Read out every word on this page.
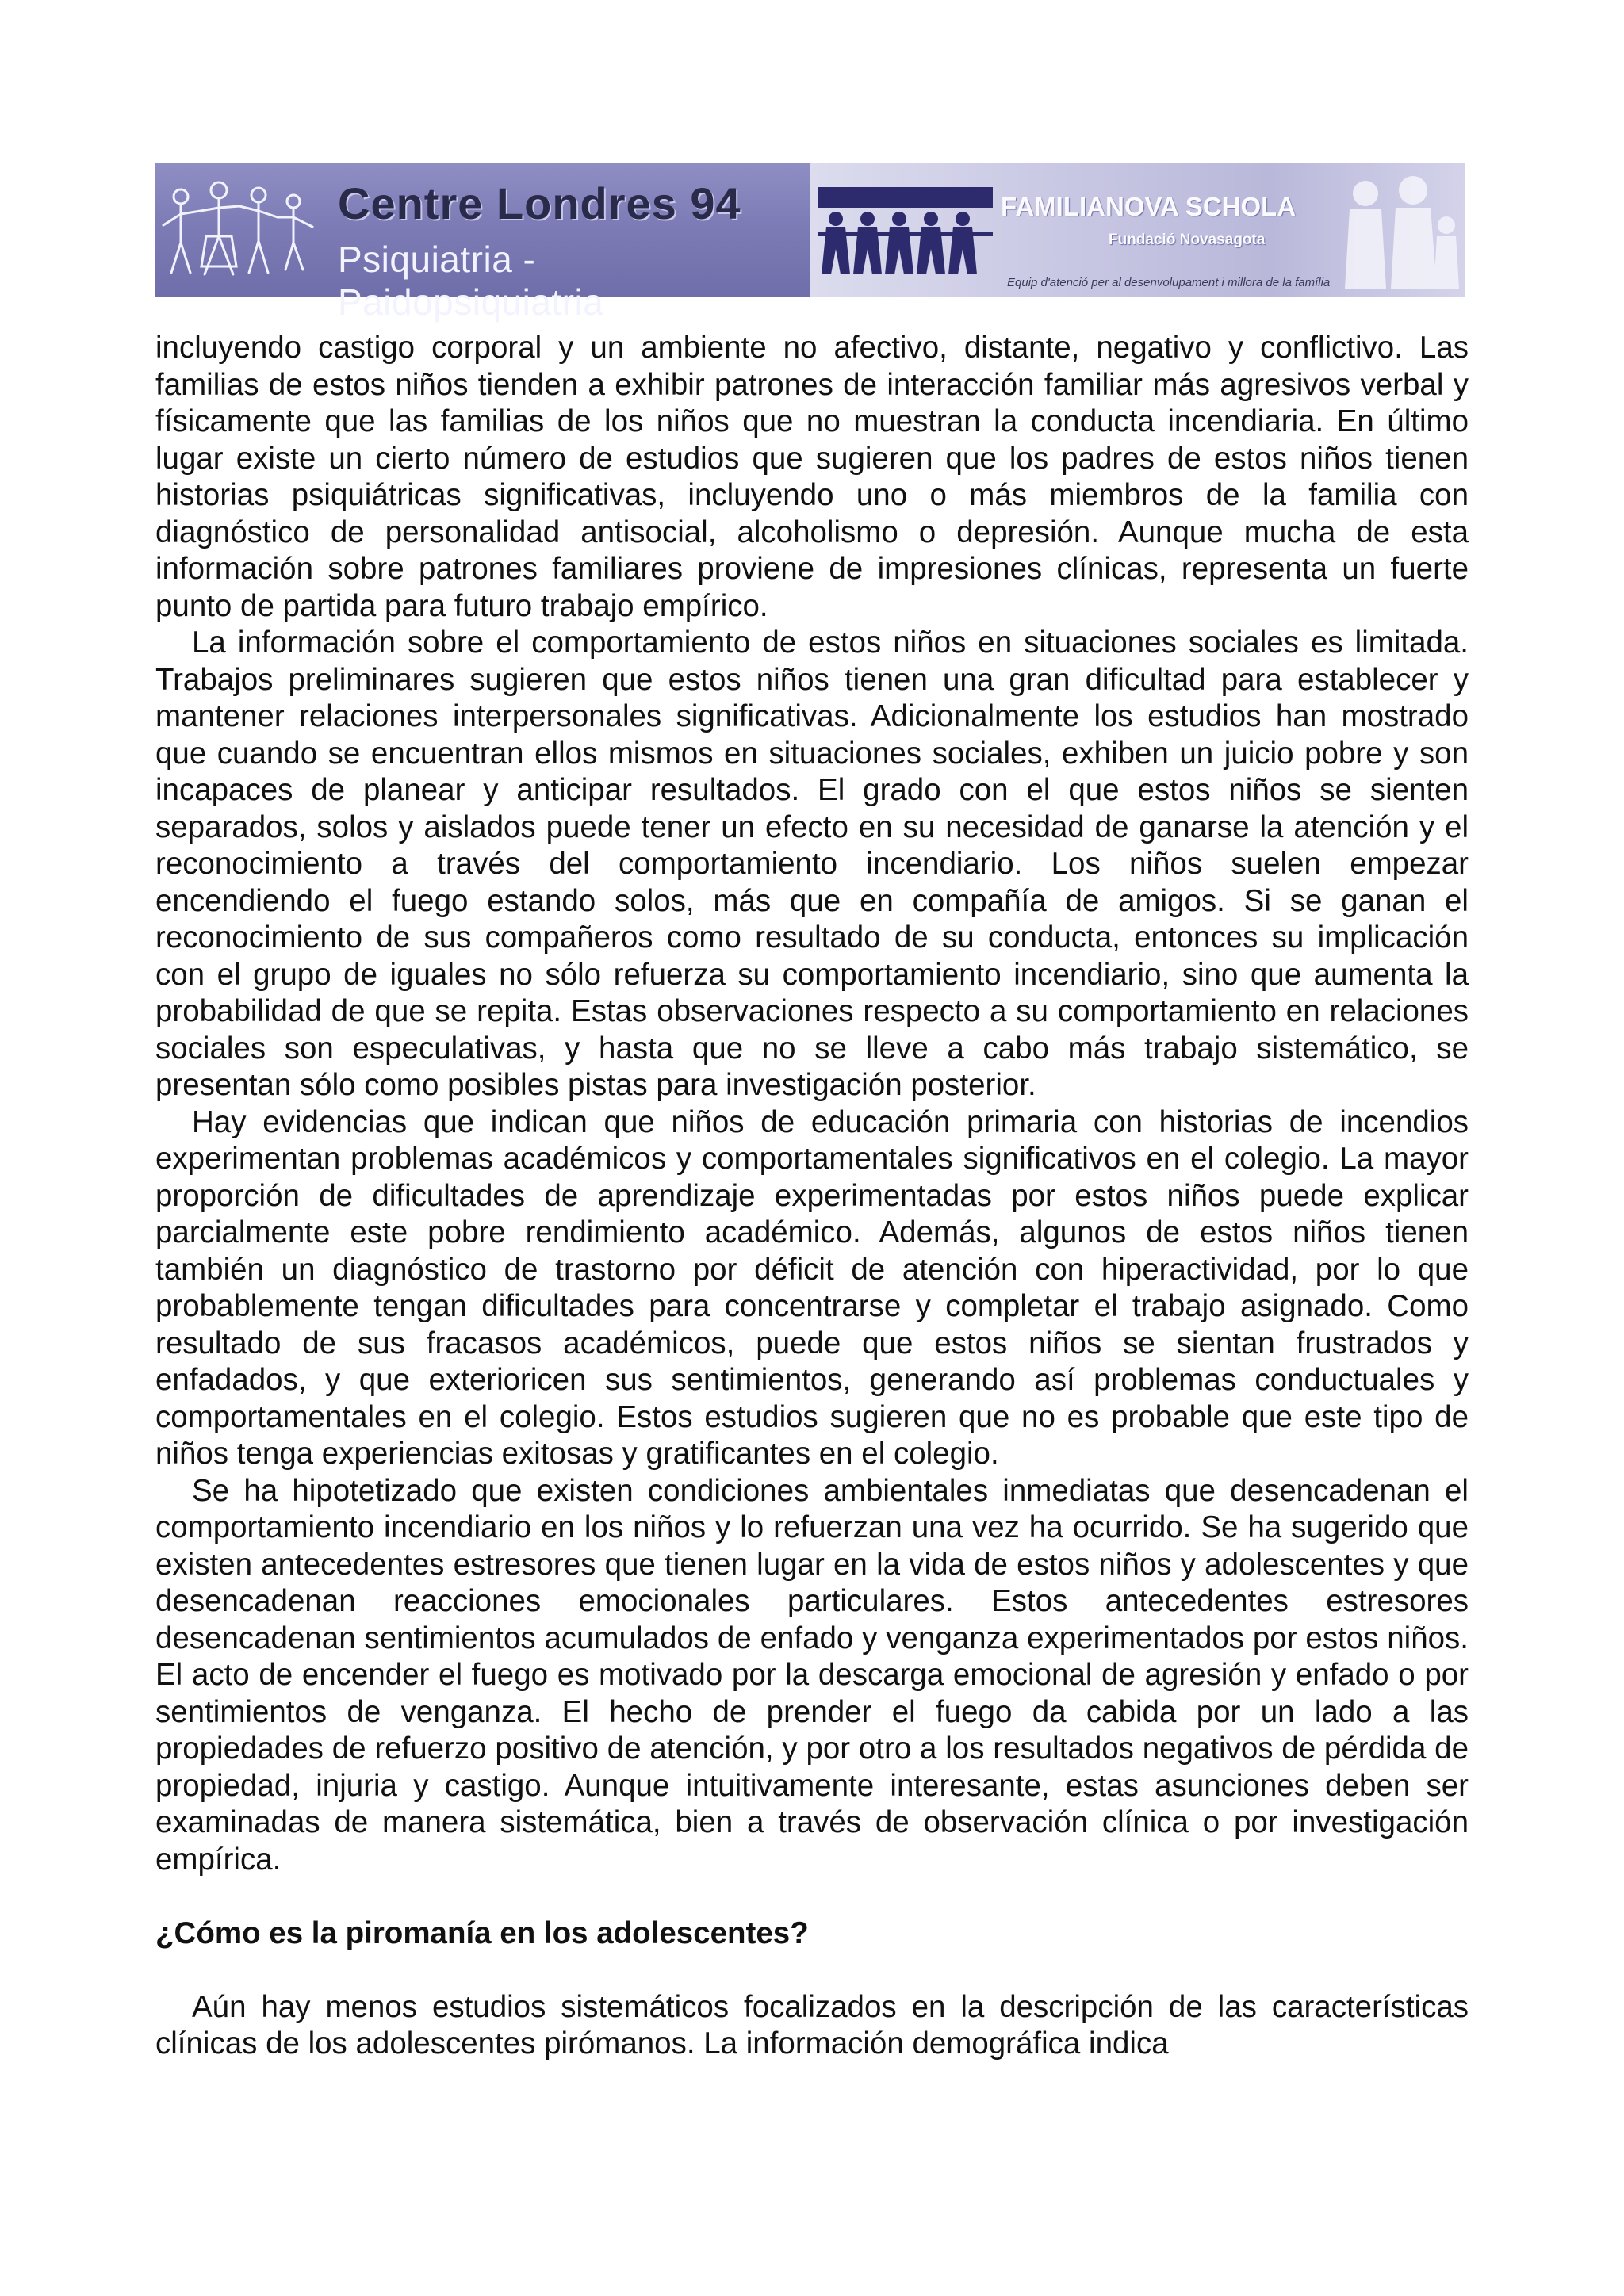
Centre Londres 94
Psiquiatria - Paidopsiquiatria
FAMILIANOVA SCHOLA
Fundació Novasagota
Equip d'atenció per al desenvolupament i millora de la família

incluyendo castigo corporal y un ambiente no afectivo, distante, negativo y conflictivo. Las familias de estos niños tienden a exhibir patrones de interacción familiar más agresivos verbal y físicamente que las familias de los niños que no muestran la conducta incendiaria. En último lugar existe un cierto número de estudios que sugieren que los padres de estos niños tienen historias psiquiátricas significativas, incluyendo uno o más miembros de la familia con diagnóstico de personalidad antisocial, alcoholismo o depresión. Aunque mucha de esta información sobre patrones familiares proviene de impresiones clínicas, representa un fuerte punto de partida para futuro trabajo empírico.

La información sobre el comportamiento de estos niños en situaciones sociales es limitada. Trabajos preliminares sugieren que estos niños tienen una gran dificultad para establecer y mantener relaciones interpersonales significativas. Adicionalmente los estudios han mostrado que cuando se encuentran ellos mismos en situaciones sociales, exhiben un juicio pobre y son incapaces de planear y anticipar resultados. El grado con el que estos niños se sienten separados, solos y aislados puede tener un efecto en su necesidad de ganarse la atención y el reconocimiento a través del comportamiento incendiario. Los niños suelen empezar encendiendo el fuego estando solos, más que en compañía de amigos. Si se ganan el reconocimiento de sus compañeros como resultado de su conducta, entonces su implicación con el grupo de iguales no sólo refuerza su comportamiento incendiario, sino que aumenta la probabilidad de que se repita. Estas observaciones respecto a su comportamiento en relaciones sociales son especulativas, y hasta que no se lleve a cabo más trabajo sistemático, se presentan sólo como posibles pistas para investigación posterior.

Hay evidencias que indican que niños de educación primaria con historias de incendios experimentan problemas académicos y comportamentales significativos en el colegio. La mayor proporción de dificultades de aprendizaje experimentadas por estos niños puede explicar parcialmente este pobre rendimiento académico. Además, algunos de estos niños tienen también un diagnóstico de trastorno por déficit de atención con hiperactividad, por lo que probablemente tengan dificultades para concentrarse y completar el trabajo asignado. Como resultado de sus fracasos académicos, puede que estos niños se sientan frustrados y enfadados, y que exterioricen sus sentimientos, generando así problemas conductuales y comportamentales en el colegio. Estos estudios sugieren que no es probable que este tipo de niños tenga experiencias exitosas y gratificantes en el colegio.

Se ha hipotetizado que existen condiciones ambientales inmediatas que desencadenan el comportamiento incendiario en los niños y lo refuerzan una vez ha ocurrido. Se ha sugerido que existen antecedentes estresores que tienen lugar en la vida de estos niños y adolescentes y que desencadenan reacciones emocionales particulares. Estos antecedentes estresores desencadenan sentimientos acumulados de enfado y venganza experimentados por estos niños. El acto de encender el fuego es motivado por la descarga emocional de agresión y enfado o por sentimientos de venganza. El hecho de prender el fuego da cabida por un lado a las propiedades de refuerzo positivo de atención, y por otro a los resultados negativos de pérdida de propiedad, injuria y castigo. Aunque intuitivamente interesante, estas asunciones deben ser examinadas de manera sistemática, bien a través de observación clínica o por investigación empírica.

¿Cómo es la piromanía en los adolescentes?

Aún hay menos estudios sistemáticos focalizados en la descripción de las características clínicas de los adolescentes pirómanos. La información demográfica indica
